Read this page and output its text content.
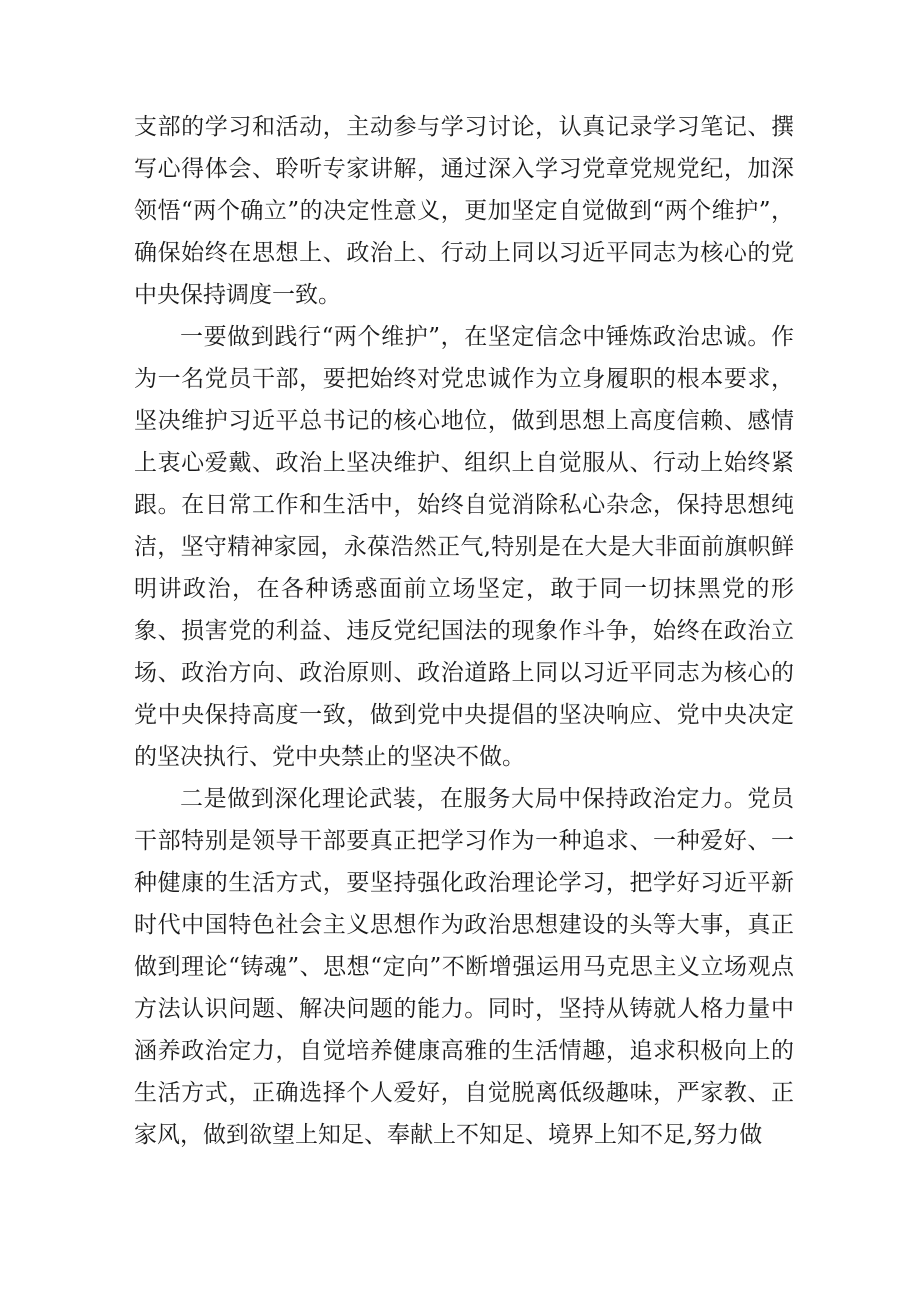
支部的学习和活动，主动参与学习讨论，认真记录学习笔记、撰写心得体会、聆听专家讲解，通过深入学习党章党规党纪，加深领悟“两个确立”的决定性意义，更加坚定自觉做到“两个维护”，确保始终在思想上、政治上、行动上同以习近平同志为核心的党中央保持调度一致。

一要做到践行“两个维护”，在坚定信念中锤炼政治忠诚。作为一名党员干部，要把始终对党忠诚作为立身履职的根本要求，坚决维护习近平总书记的核心地位，做到思想上高度信赖、感情上衷心爱戴、政治上坚决维护、组织上自觉服从、行动上始终紧跟。在日常工作和生活中，始终自觉消除私心杂念，保持思想纯洁，坚守精神家园，永葆浩然正气,特别是在大是大非面前旗帜鲜明讲政治，在各种诱惑面前立场坚定，敢于同一切抹黑党的形象、损害党的利益、违反党纪国法的现象作斗争，始终在政治立场、政治方向、政治原则、政治道路上同以习近平同志为核心的党中央保持高度一致，做到党中央提倡的坚决响应、党中央决定的坚决执行、党中央禁止的坚决不做。

二是做到深化理论武装，在服务大局中保持政治定力。党员干部特别是领导干部要真正把学习作为一种追求、一种爱好、一种健康的生活方式，要坚持强化政治理论学习，把学好习近平新时代中国特色社会主义思想作为政治思想建设的头等大事，真正做到理论“铸魂”、思想“定向”不断增强运用马克思主义立场观点方法认识问题、解决问题的能力。同时，坚持从铸就人格力量中涵养政治定力，自觉培养健康高雅的生活情趣，追求积极向上的生活方式，正确选择个人爱好，自觉脱离低级趣味，严家教、正家风，做到欲望上知足、奉献上不知足、境界上知不足,努力做
